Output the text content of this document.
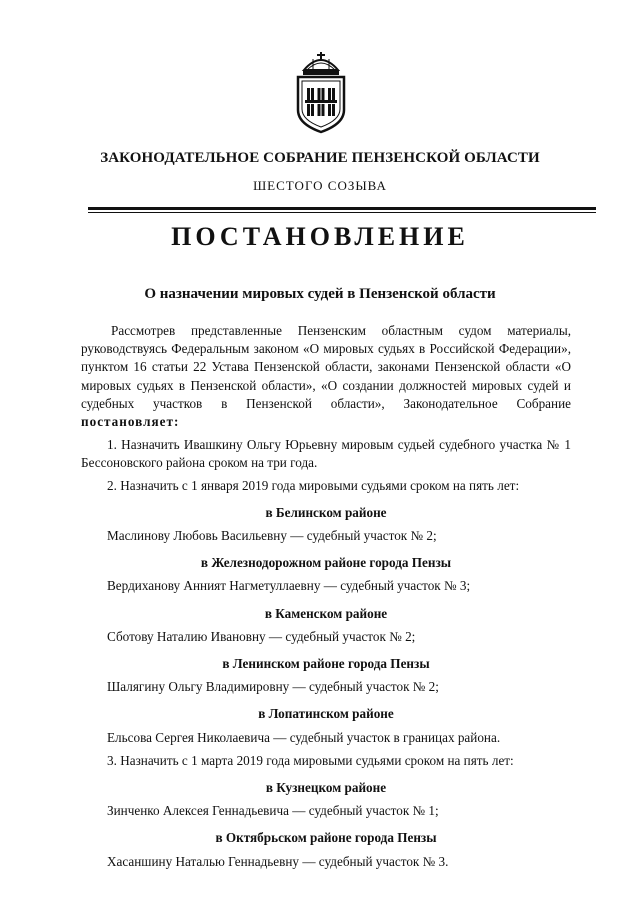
ЗАКОНОДАТЕЛЬНОЕ СОБРАНИЕ ПЕНЗЕНСКОЙ ОБЛАСТИ
ШЕСТОГО СОЗЫВА
ПОСТАНОВЛЕНИЕ
О назначении мировых судей в Пензенской области

Рассмотрев представленные Пензенским областным судом материалы, руководствуясь Федеральным законом «О мировых судьях в Российской Федерации», пунктом 16 статьи 22 Устава Пензенской области, законами Пензенской области «О мировых судьях в Пензенской области», «О создании должностей мировых судей и судебных участков в Пензенской области», Законодательное Собрание постановляет:

1. Назначить Ивашкину Ольгу Юрьевну мировым судьей судебного участка № 1 Бессоновского района сроком на три года.

2. Назначить с 1 января 2019 года мировыми судьями сроком на пять лет:

в Белинском районе
Маслинову Любовь Васильевну — судебный участок № 2;
в Железнодорожном районе города Пензы
Вердиханову Анният Нагметуллаевну — судебный участок № 3;
в Каменском районе
Сботову Наталию Ивановну — судебный участок № 2;
в Ленинском районе города Пензы
Шалягину Ольгу Владимировну — судебный участок № 2;
в Лопатинском районе
Ельсова Сергея Николаевича — судебный участок в границах района.

3. Назначить с 1 марта 2019 года мировыми судьями сроком на пять лет:

в Кузнецком районе
Зинченко Алексея Геннадьевича — судебный участок № 1;
в Октябрьском районе города Пензы
Хасаншину Наталью Геннадьевну — судебный участок № 3.
